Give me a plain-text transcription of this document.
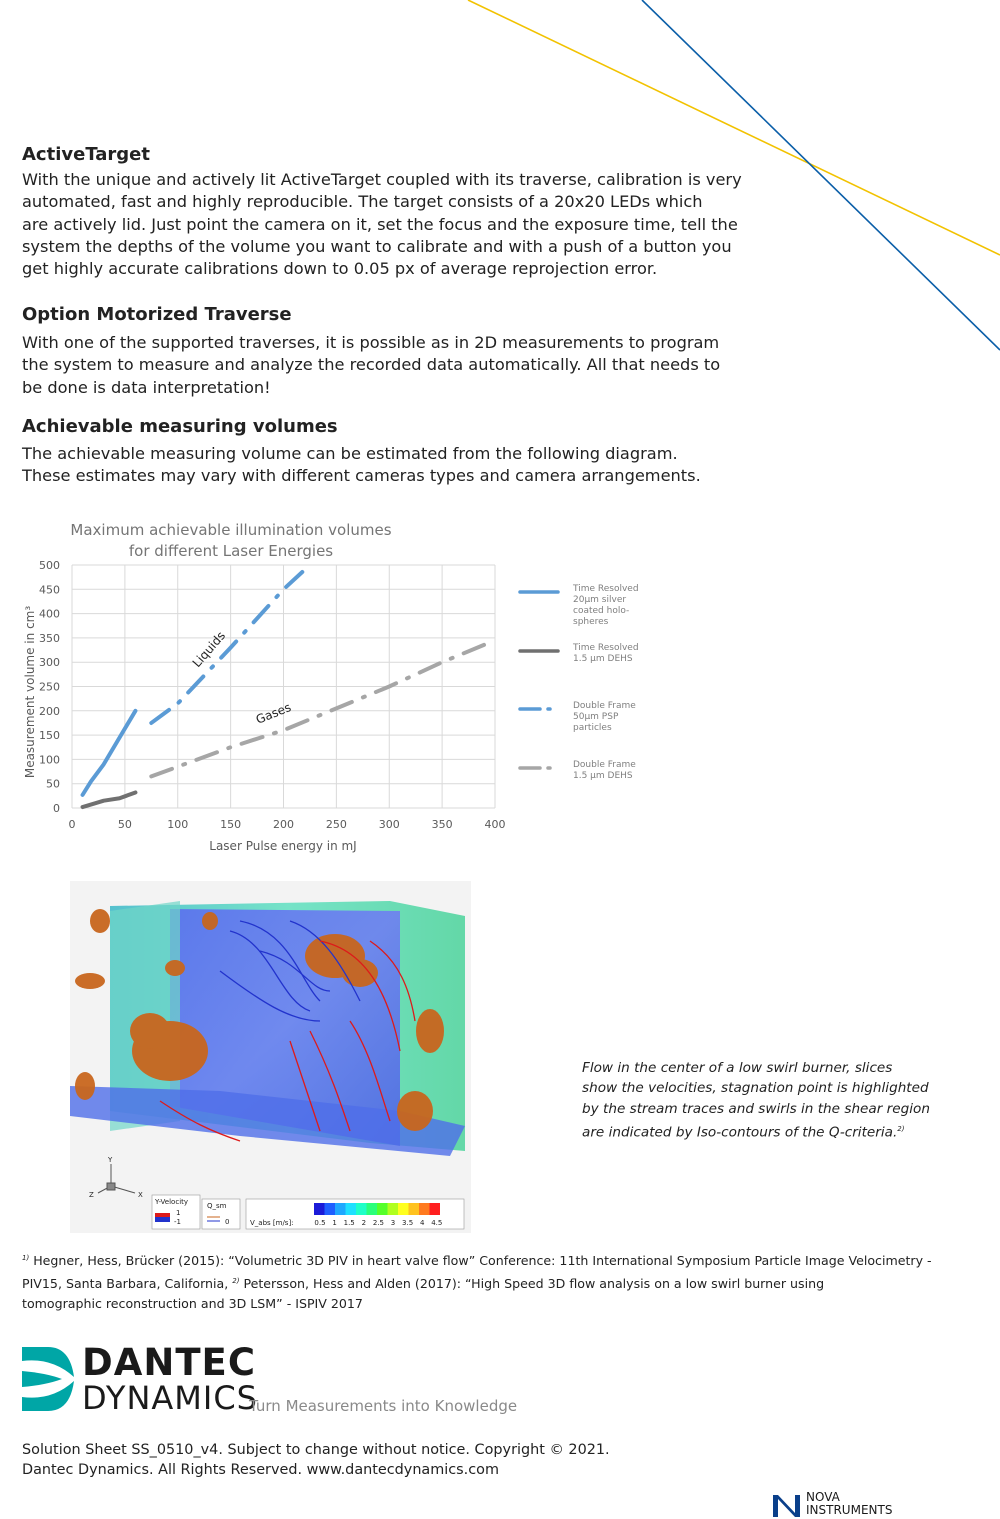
ActiveTarget
With the unique and actively lit ActiveTarget coupled with its traverse, calibration is very
automated, fast and highly reproducible. The target consists of a 20x20 LEDs which
are actively lid. Just point the camera on it, set the focus and the exposure time, tell the
system the depths of the volume you want to calibrate and with a push of a button you
get highly accurate calibrations down to 0.05 px of average reprojection error.
Option Motorized Traverse
With one of the supported traverses, it is possible as in 2D measurements to program
the system to measure and analyze the recorded data automatically. All that needs to
be done is data interpretation!
Achievable measuring volumes
The achievable measuring volume can be estimated from the following diagram.
These estimates may vary with different cameras types and camera arrangements.
0
50
100
150
200
250
300
350
400
450
500
0	50	100	150	200	250	300	350	400
Time Resolved
20µm silver
coated holo-
spheres
Time Resolved
1.5 µm DEHS
Double Frame
50µm PSP
particles
Double Frame
1.5 µm DEHS
Maximum achievable illumination volumes
for different Laser Energies
Laser Pulse energy in mJ
Measurement volume in cm³	Liquids
Gases
Y
Z	X
Y-Velocity
1
-1
Q_sm
0	0.5 1 1.5 2 2.5 3 3.5 4 4.5
V_abs [m/s]:
Flow in the center of a low swirl burner, slices
show the velocities, stagnation point is highlighted
by the stream traces and swirls in the shear region
are indicated by Iso-contours of the Q-criteria.$^{2)}$
$^{1)}$ Hegner, Hess, Brücker (2015): “Volumetric 3D PIV in heart valve flow” Conference: 11th International Symposium Particle Image Velocimetry -
PIV15, Santa Barbara, California, $^{2)}$ Petersson, Hess and Alden (2017): “High Speed 3D flow analysis on a low swirl burner using
tomographic reconstruction and 3D LSM” - ISPIV 2017
DANTEC
DYNAMICS
Turn Measurements into Knowledge
Solution Sheet SS_0510_v4. Subject to change without notice. Copyright © 2021.
Dantec Dynamics. All Rights Reserved. www.dantecdynamics.com
NOVA
INSTRUMENTS
